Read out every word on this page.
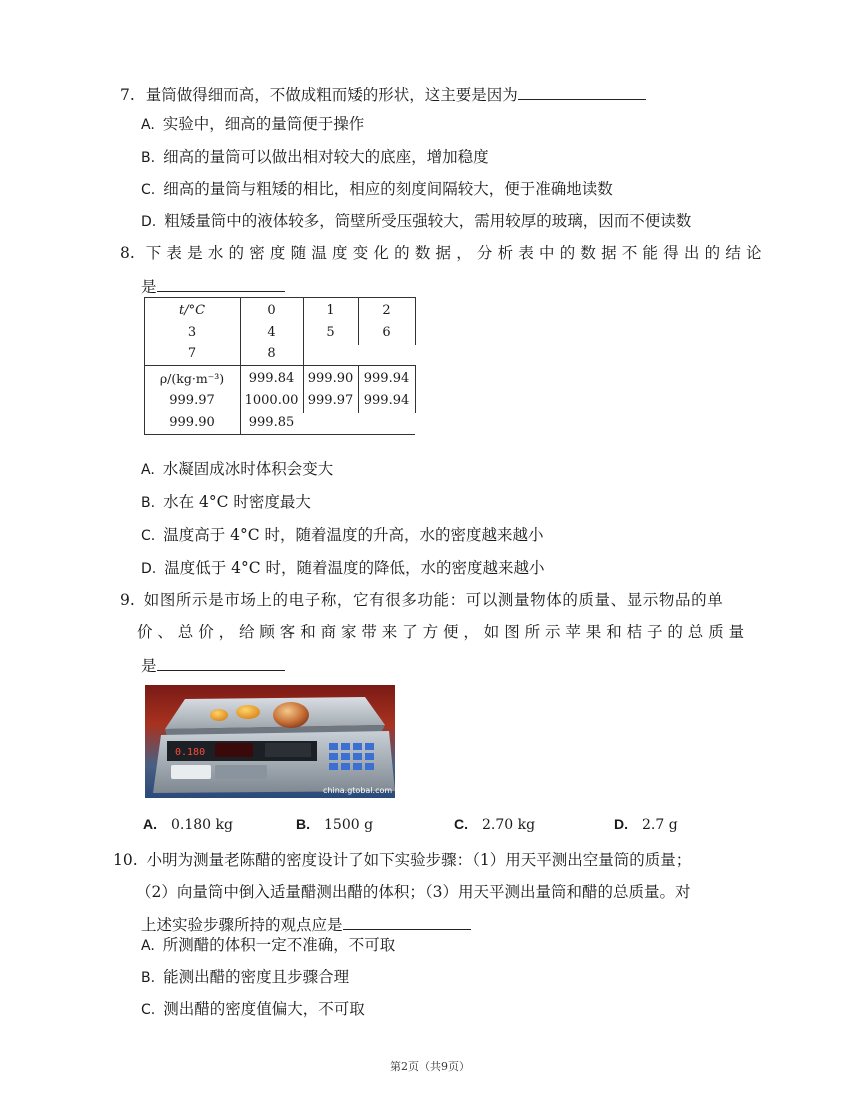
7. 量筒做得细而高，不做成粗而矮的形状，这主要是因为
A. 实验中，细高的量筒便于操作
B. 细高的量筒可以做出相对较大的底座，增加稳度
C. 细高的量筒与粗矮的相比，相应的刻度间隔较大，便于准确地读数
D. 粗矮量筒中的液体较多，筒壁所受压强较大，需用较厚的玻璃，因而不便读数
8. 下表是水的密度随温度变化的数据，分析表中的数据不能得出的结论
是
t/°C	0	1	2
3	4	5	6
7	8
ρ/(kg·m⁻³)	999.84	999.90 999.94
999.97	1000.00 999.97 999.94
999.90	999.85
A. 水凝固成冰时体积会变大
B. 水在 4°C 时密度最大
C. 温度高于 4°C 时，随着温度的升高，水的密度越来越小
D. 温度低于 4°C 时，随着温度的降低，水的密度越来越小
9. 如图所示是市场上的电子称，它有很多功能：可以测量物体的质量、显示物品的单
价、总价，给顾客和商家带来了方便，如图所示苹果和桔子的总质量
是
0.180
china.gtobal.com
A. 0.180 kg	B. 1500 g	C. 2.70 kg	D. 2.7 g
10. 小明为测量老陈醋的密度设计了如下实验步骤：（1）用天平测出空量筒的质量；
（2）向量筒中倒入适量醋测出醋的体积；（3）用天平测出量筒和醋的总质量。对
上述实验步骤所持的观点应是
A. 所测醋的体积一定不准确，不可取
B. 能测出醋的密度且步骤合理
C. 测出醋的密度值偏大，不可取
第2页（共9页）
